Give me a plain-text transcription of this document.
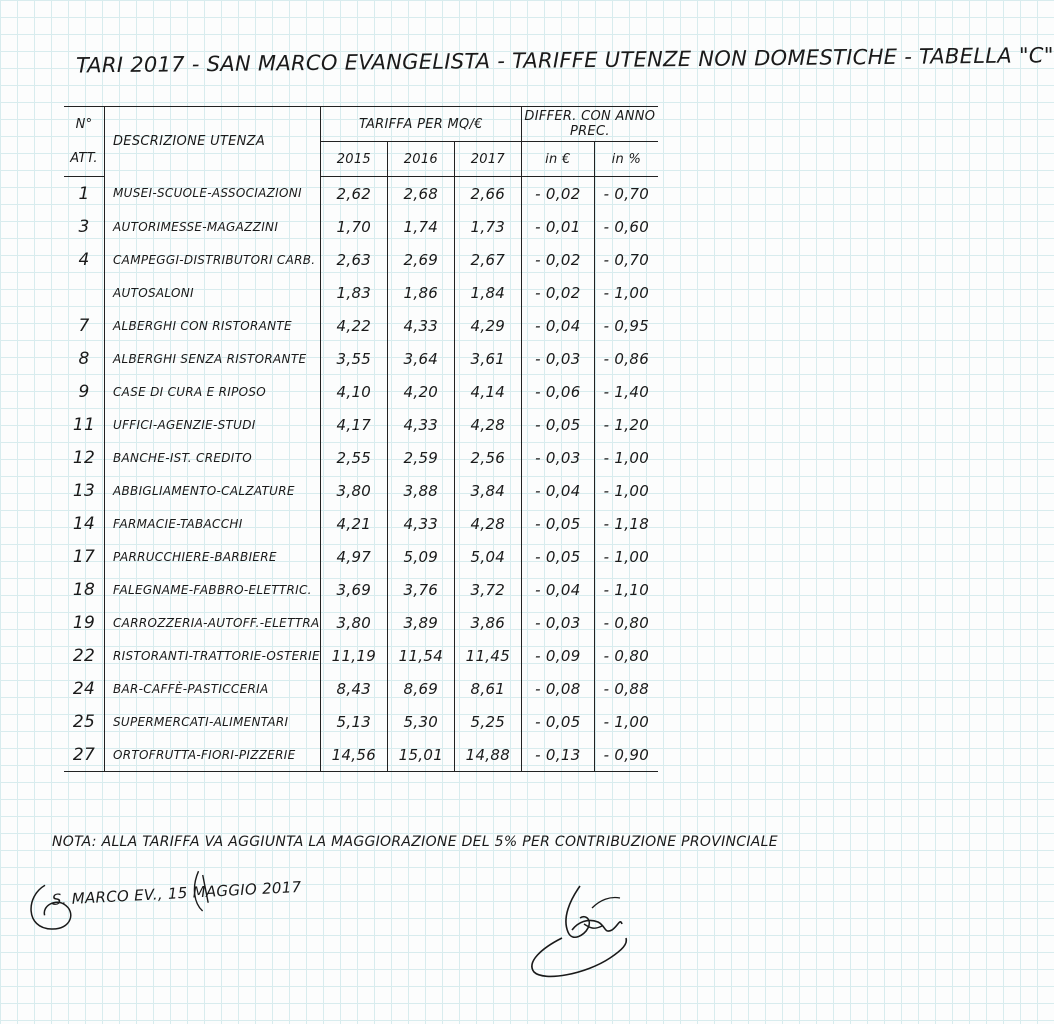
TARI 2017 - SAN MARCO EVANGELISTA - TARIFFE UTENZE NON DOMESTICHE - TABELLA "C"
N°	DESCRIZIONE UTENZA	TARIFFA PER MQ/€			DIFFER. CON ANNO PREC.	
ATT.		2015	2016	2017	in €	in %
1	MUSEI-SCUOLE-ASSOCIAZIONI	2,62	2,68	2,66	- 0,02	- 0,70
3	AUTORIMESSE-MAGAZZINI	1,70	1,74	1,73	- 0,01	- 0,60
4	CAMPEGGI-DISTRIBUTORI CARB.	2,63	2,69	2,67	- 0,02	- 0,70
	AUTOSALONI	1,83	1,86	1,84	- 0,02	- 1,00
7	ALBERGHI CON RISTORANTE	4,22	4,33	4,29	- 0,04	- 0,95
8	ALBERGHI SENZA RISTORANTE	3,55	3,64	3,61	- 0,03	- 0,86
9	CASE DI CURA E RIPOSO	4,10	4,20	4,14	- 0,06	- 1,40
11	UFFICI-AGENZIE-STUDI	4,17	4,33	4,28	- 0,05	- 1,20
12	BANCHE-IST. CREDITO	2,55	2,59	2,56	- 0,03	- 1,00
13	ABBIGLIAMENTO-CALZATURE	3,80	3,88	3,84	- 0,04	- 1,00
14	FARMACIE-TABACCHI	4,21	4,33	4,28	- 0,05	- 1,18
17	PARRUCCHIERE-BARBIERE	4,97	5,09	5,04	- 0,05	- 1,00
18	FALEGNAME-FABBRO-ELETTRIC.	3,69	3,76	3,72	- 0,04	- 1,10
19	CARROZZERIA-AUTOFF.-ELETTRA	3,80	3,89	3,86	- 0,03	- 0,80
22	RISTORANTI-TRATTORIE-OSTERIE	11,19	11,54	11,45	- 0,09	- 0,80
24	BAR-CAFFÈ-PASTICCERIA	8,43	8,69	8,61	- 0,08	- 0,88
25	SUPERMERCATI-ALIMENTARI	5,13	5,30	5,25	- 0,05	- 1,00
27	ORTOFRUTTA-FIORI-PIZZERIE	14,56	15,01	14,88	- 0,13	- 0,90
NOTA: ALLA TARIFFA VA AGGIUNTA LA MAGGIORAZIONE DEL 5% PER CONTRIBUZIONE PROVINCIALE
S. MARCO EV., 15 MAGGIO 2017
